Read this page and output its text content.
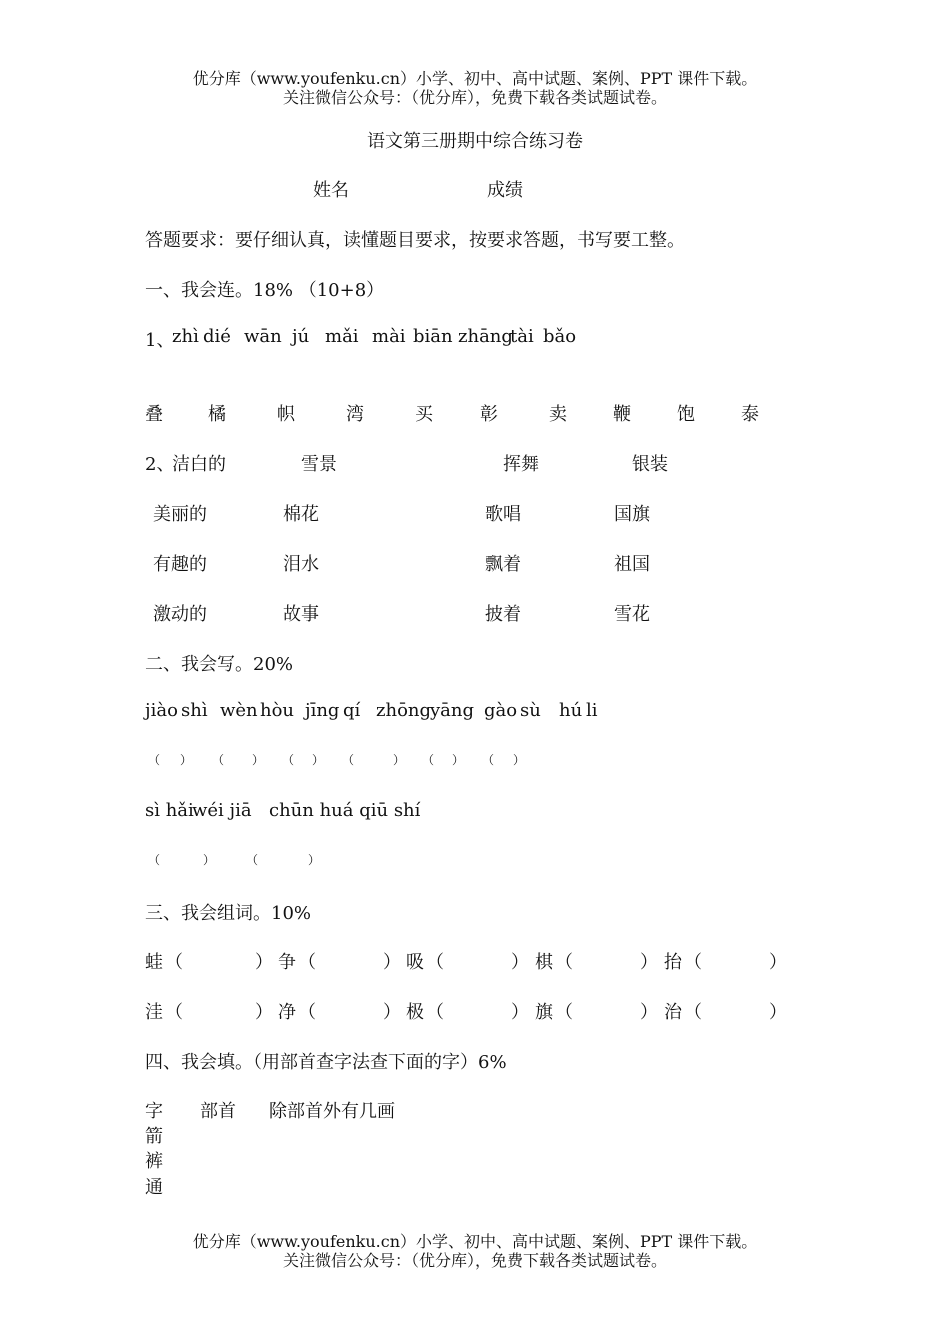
优分库（www.youfenku.cn）小学、初中、高中试题、案例、PPT 课件下载。
关注微信公众号：（优分库），免费下载各类试题试卷。
语文第三册期中综合练习卷
姓名	成绩
答题要求：要仔细认真，读懂题目要求，按要求答题，书写要工整。
一、我会连。18% （10+8）
1、
zhì dié wān jú mǎi mài biān zhāng
tài bǎo
叠	橘	帜	湾	买	彰	卖	鞭	饱	泰
2、
洁白的	雪景	挥舞	银装
美丽的	棉花	歌唱	国旗
有趣的	泪水	飘着	祖国
激动的	故事	披着	雪花
二、我会写。20%
jiào shì wèn hòu jīng qí zhōng
yāng gào sù hú li
（ ） （ ） （ ） （	） （ ） （ ）
sì hǎi
wéi jiā chūn huá qiū shí
（	）	（	）
三、我会组词。10%
蛙 （	） 争 （	） 吸 （	） 棋 （	） 抬 （	）
洼 （	） 净 （	） 极 （	） 旗 （	） 治 （	）
四、我会填。（用部首查字法查下面的字）6%
字 部首 除部首外有几画
箭
裤
通
优分库（www.youfenku.cn）小学、初中、高中试题、案例、PPT 课件下载。
关注微信公众号：（优分库），免费下载各类试题试卷。
